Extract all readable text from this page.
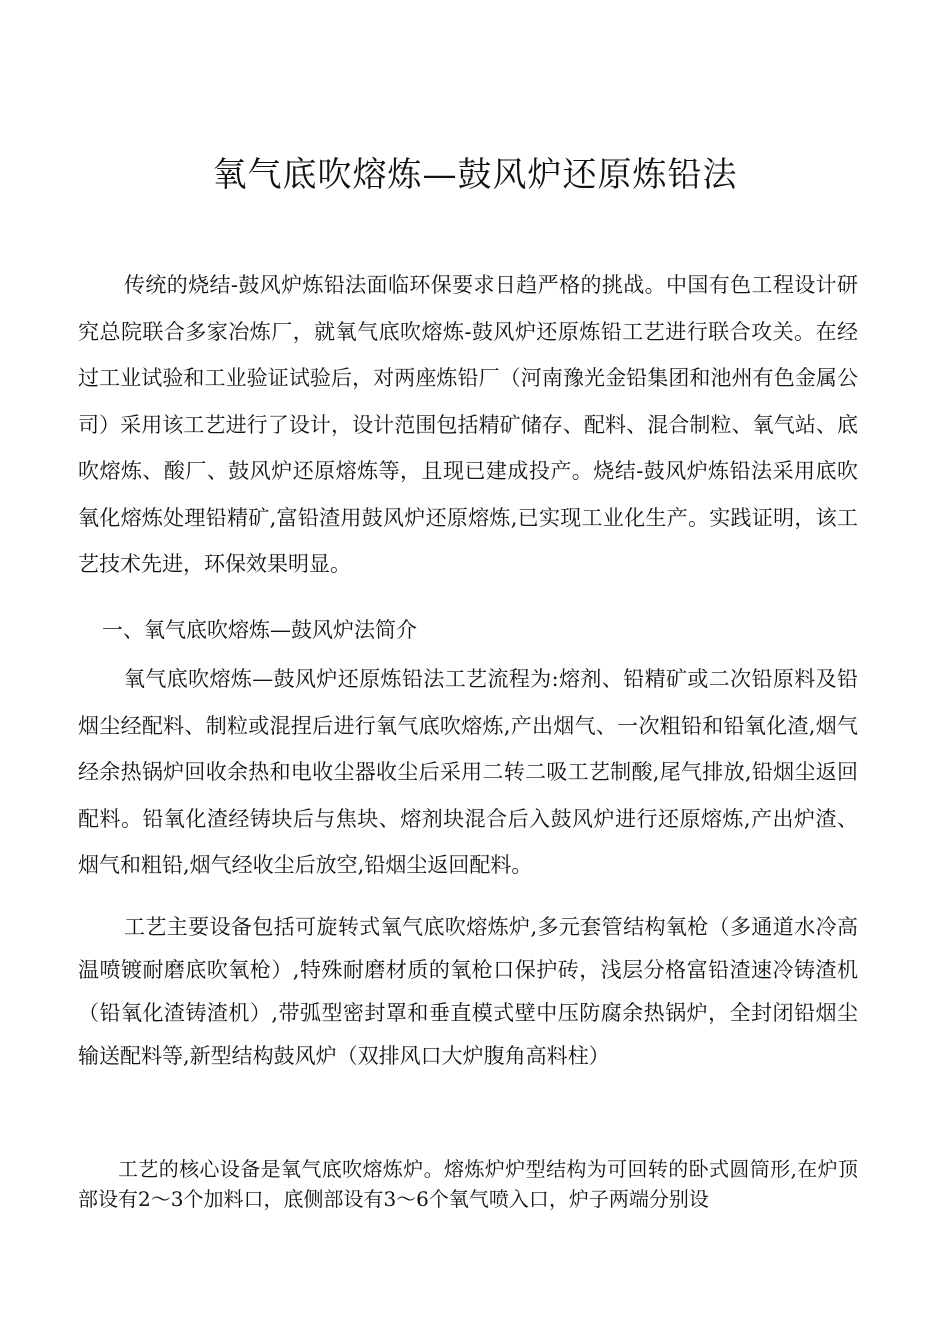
氧气底吹熔炼—鼓风炉还原炼铅法

传统的烧结-鼓风炉炼铅法面临环保要求日趋严格的挑战。中国有色工程设计研究总院联合多家冶炼厂，就氧气底吹熔炼-鼓风炉还原炼铅工艺进行联合攻关。在经过工业试验和工业验证试验后，对两座炼铅厂（河南豫光金铅集团和池州有色金属公司）采用该工艺进行了设计，设计范围包括精矿储存、配料、混合制粒、氧气站、底吹熔炼、酸厂、鼓风炉还原熔炼等，且现已建成投产。烧结-鼓风炉炼铅法采用底吹氧化熔炼处理铅精矿,富铅渣用鼓风炉还原熔炼,已实现工业化生产。实践证明，该工艺技术先进，环保效果明显。

一、氧气底吹熔炼—鼓风炉法简介

氧气底吹熔炼—鼓风炉还原炼铅法工艺流程为:熔剂、铅精矿或二次铅原料及铅烟尘经配料、制粒或混捏后进行氧气底吹熔炼,产出烟气、一次粗铅和铅氧化渣,烟气经余热锅炉回收余热和电收尘器收尘后采用二转二吸工艺制酸,尾气排放,铅烟尘返回配料。铅氧化渣经铸块后与焦块、熔剂块混合后入鼓风炉进行还原熔炼,产出炉渣、烟气和粗铅,烟气经收尘后放空,铅烟尘返回配料。

工艺主要设备包括可旋转式氧气底吹熔炼炉,多元套管结构氧枪（多通道水冷高温喷镀耐磨底吹氧枪）,特殊耐磨材质的氧枪口保护砖，浅层分格富铅渣速冷铸渣机（铅氧化渣铸渣机）,带弧型密封罩和垂直模式壁中压防腐余热锅炉，全封闭铅烟尘输送配料等,新型结构鼓风炉（双排风口大炉腹角高料柱）

工艺的核心设备是氧气底吹熔炼炉。熔炼炉炉型结构为可回转的卧式圆筒形,在炉顶部设有2～3个加料口，底侧部设有3～6个氧气喷入口，炉子两端分别设
